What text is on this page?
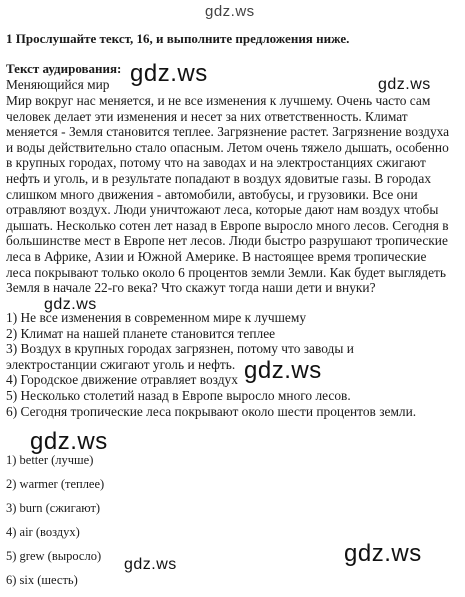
gdz.ws
1 Прослушайте текст, 16, и выполните предложения ниже.
Текст аудирования: gdz.ws	gdz.ws
Меняющийся мир
Мир вокруг нас меняется, и не все изменения к лучшему. Очень часто сам
человек делает эти изменения и несет за них ответственность. Климат
меняется - Земля становится теплее. Загрязнение растет. Загрязнение воздуха
и воды действительно стало опасным. Летом очень тяжело дышать, особенно
в крупных городах, потому что на заводах и на электростанциях сжигают
нефть и уголь, и в результате попадают в воздух ядовитые газы. В городах
слишком много движения - автомобили, автобусы, и грузовики. Все они
отравляют воздух. Люди уничтожают леса, которые дают нам воздух чтобы
дышать. Несколько сотен лет назад в Европе выросло много лесов. Сегодня в
большинстве мест в Европе нет лесов. Люди быстро разрушают тропические
леса в Африке, Азии и Южной Америке. В настоящее время тропические
леса покрывают только около 6 процентов земли Земли. Как будет выглядеть
Земля в начале 22-го века? Что скажут тогда наши дети и внуки?
gdz.ws
1) Не все изменения в современном мире к лучшему
2) Климат на нашей планете становится теплее
3) Воздух в крупных городах загрязнен, потому что заводы и
электростанции сжигают уголь и нефть.
4) Городское движение отравляет воздух
5) Несколько столетий назад в Европе выросло много лесов.
6) Сегодня тропические леса покрывают около шести процентов земли.
gdz.ws
gdz.ws
1) better (лучше)
2) warmer (теплее)
3) burn (сжигают)
4) air (воздух)
5) grew (выросло)
6) six (шесть)
gdz.ws	gdz.ws
